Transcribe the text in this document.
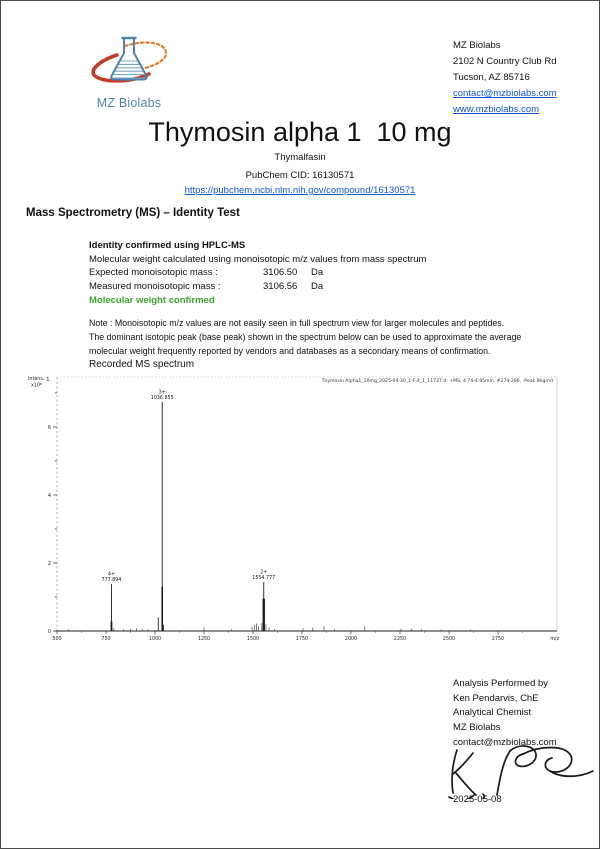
MZ Biolabs
MZ Biolabs
2102 N Country Club Rd
Tucson, AZ 85716
contact@mzbiolabs.com
www.mzbiolabs.com
Thymosin alpha 1  10 mg
Thymalfasin
PubChem CID: 16130571
https://pubchem.ncbi.nlm.nih.gov/compound/16130571
Mass Spectrometry (MS) – Identity Test
Identity confirmed using HPLC-MS
Molecular weight calculated using monoisotopic m/z values from mass spectrum
Expected monoisotopic mass :	3106.50 Da
Measured monoisotopic mass :	3106.56 Da
Molecular weight confirmed
Note : Monoisotopic m/z values are not easily seen in full spectrum view for larger molecules and peptides.
The dominant isotopic peak (base peak) shown in the spectrum below can be used to approximate the average
molecular weight frequently reported by vendors and databases as a secondary means of confirmation.
Recorded MS spectrum
1.
6
4
2
0
Intens.
x10⁸
500	750	1000	1250	1500	1750	2000	2250	2500	2750	m/z
Thymosin Alpha1_10mg_2025-04-30_1-F,4_1_11727.d: +MS, 4.74-4.95min, #274-286, -Peak Bkgrnd
4+
777.894
3+
1036.855
2+
1554.777
Analysis Performed by
Ken Pendarvis, ChE
Analytical Chemist
MZ Biolabs
contact@mzbiolabs.com
2025-05-08
